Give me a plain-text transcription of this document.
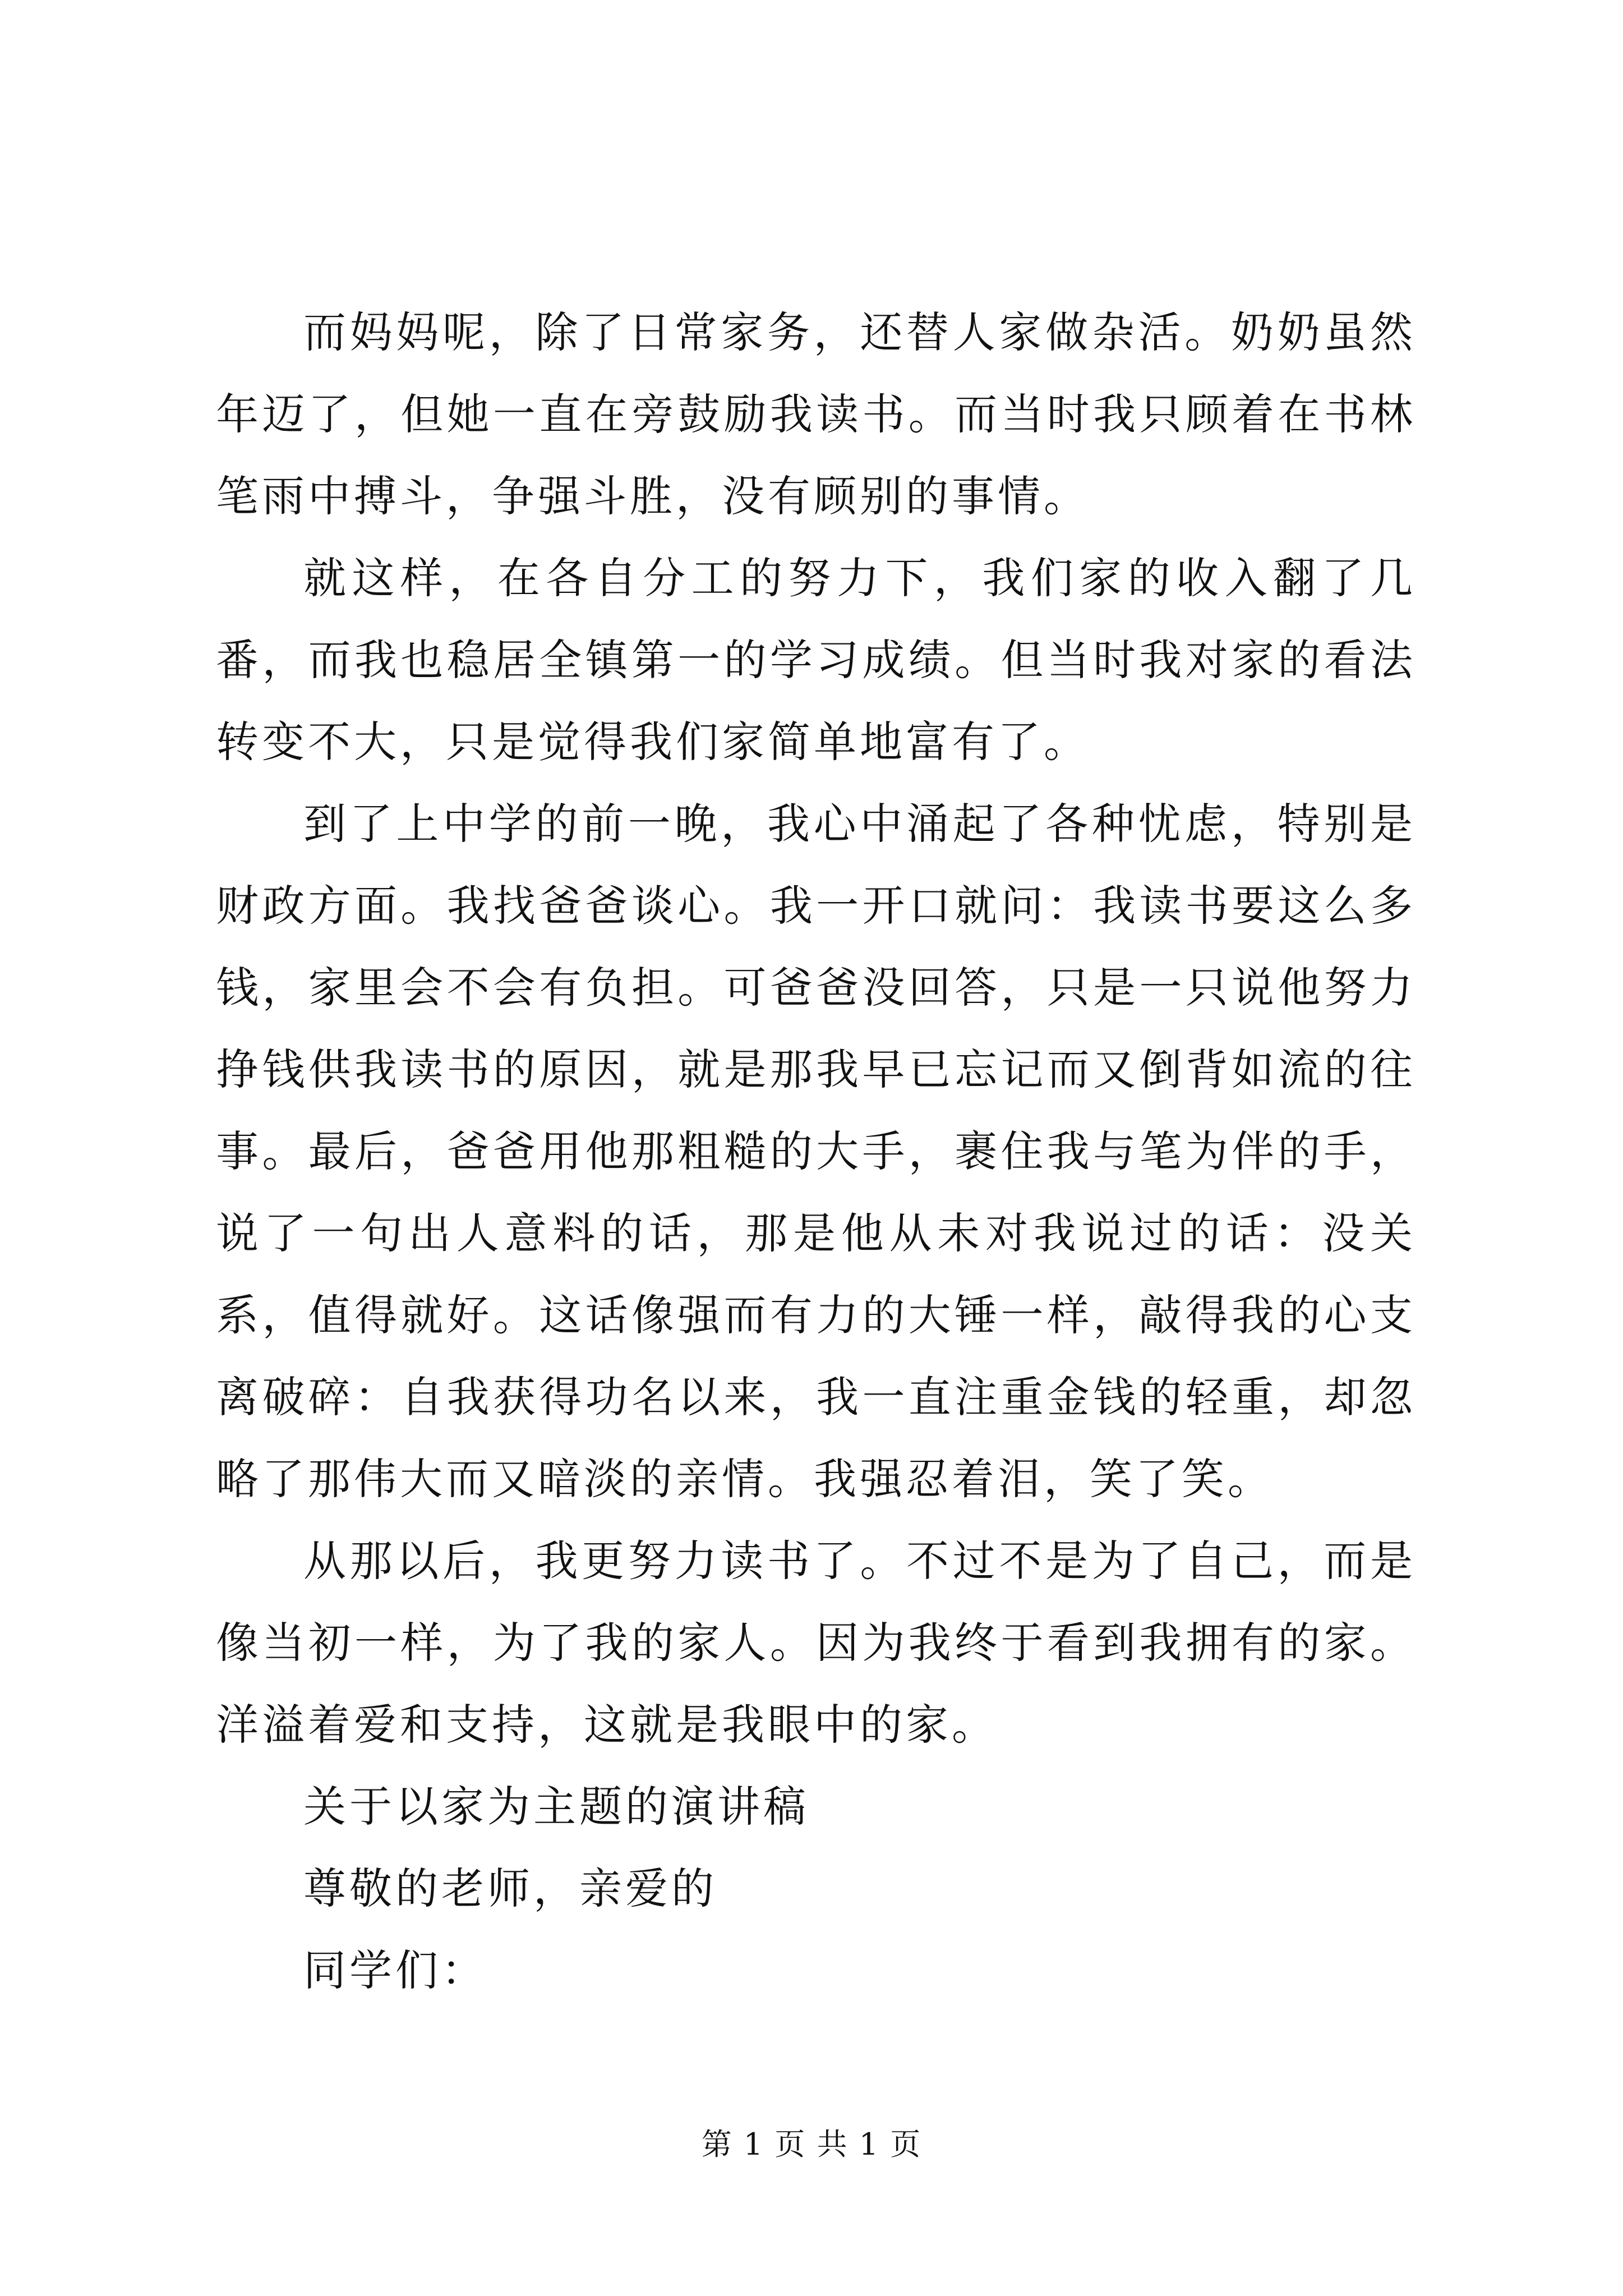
而妈妈呢，除了日常家务，还替人家做杂活。奶奶虽然年迈了，但她一直在旁鼓励我读书。而当时我只顾着在书林笔雨中搏斗，争强斗胜，没有顾别的事情。

就这样，在各自分工的努力下，我们家的收入翻了几番，而我也稳居全镇第一的学习成绩。但当时我对家的看法转变不大，只是觉得我们家简单地富有了。

到了上中学的前一晚，我心中涌起了各种忧虑，特别是财政方面。我找爸爸谈心。我一开口就问：我读书要这么多钱，家里会不会有负担。可爸爸没回答，只是一只说他努力挣钱供我读书的原因，就是那我早已忘记而又倒背如流的往事。最后，爸爸用他那粗糙的大手，裹住我与笔为伴的手，说了一句出人意料的话，那是他从未对我说过的话：没关系，值得就好。这话像强而有力的大锤一样，敲得我的心支离破碎：自我获得功名以来，我一直注重金钱的轻重，却忽略了那伟大而又暗淡的亲情。我强忍着泪，笑了笑。

从那以后，我更努力读书了。不过不是为了自己，而是像当初一样，为了我的家人。因为我终于看到我拥有的家。洋溢着爱和支持，这就是我眼中的家。

关于以家为主题的演讲稿

尊敬的老师，亲爱的

同学们：

第 1 页 共 1 页
